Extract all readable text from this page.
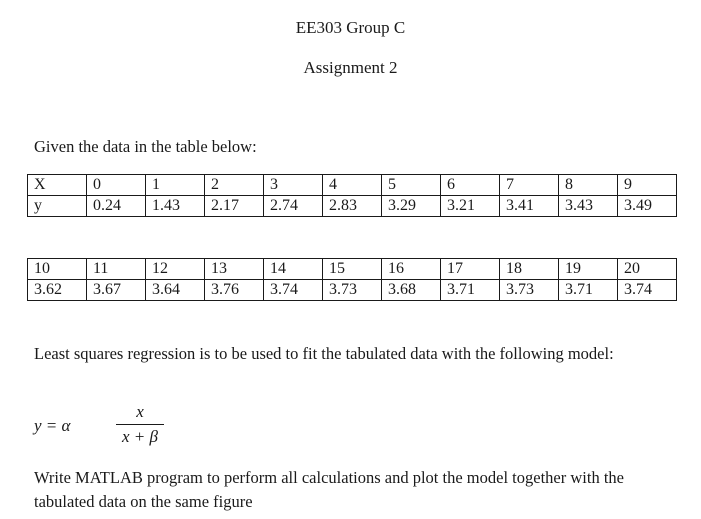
EE303 Group C
Assignment 2
Given the data in the table below:
X	0	1	2	3	4	5	6	7	8	9
y	0.24	1.43	2.17	2.74	2.83	3.29	3.21	3.41	3.43	3.49
10	11	12	13	14	15	16	17	18	19	20
3.62	3.67	3.64	3.76	3.74	3.73	3.68	3.71	3.73	3.71	3.74
Least squares regression is to be used to fit the tabulated data with the following model:
y = α
x
x + β
Write MATLAB program to perform all calculations and plot the model together with the tabulated data on the same figure
